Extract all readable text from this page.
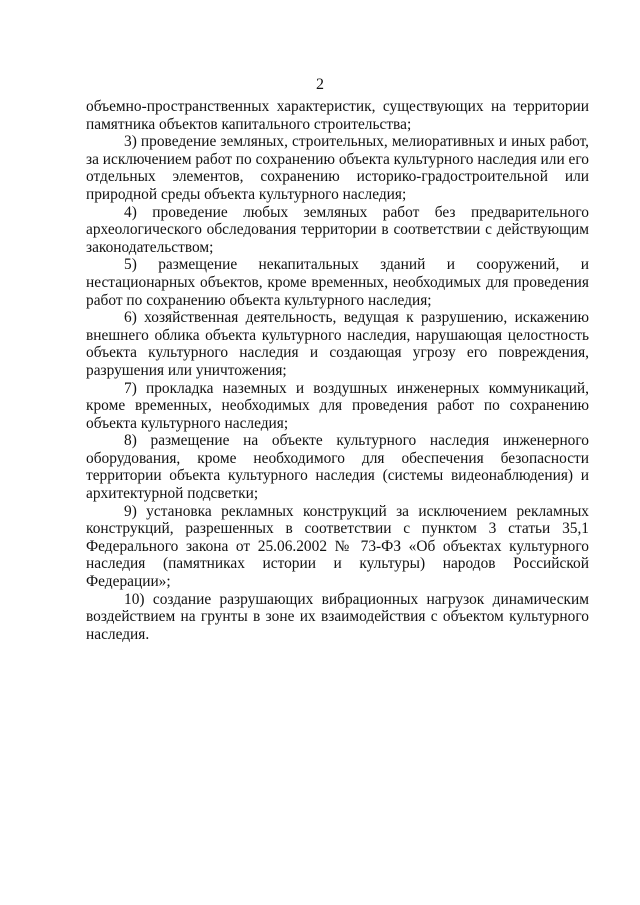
2

объемно-пространственных характеристик, существующих на территории памятника объектов капитального строительства;

3) проведение земляных, строительных, мелиоративных и иных работ, за исключением работ по сохранению объекта культурного наследия или его отдельных элементов, сохранению историко-градостроительной или природной среды объекта культурного наследия;

4) проведение любых земляных работ без предварительного археологического обследования территории в соответствии с действующим законодательством;

5) размещение некапитальных зданий и сооружений, и нестационарных объектов, кроме временных, необходимых для проведения работ по сохранению объекта культурного наследия;

6) хозяйственная деятельность, ведущая к разрушению, искажению внешнего облика объекта культурного наследия, нарушающая целостность объекта культурного наследия и создающая угрозу его повреждения, разрушения или уничтожения;

7) прокладка наземных и воздушных инженерных коммуникаций, кроме временных, необходимых для проведения работ по сохранению объекта культурного наследия;

8) размещение на объекте культурного наследия инженерного оборудования, кроме необходимого для обеспечения безопасности территории объекта культурного наследия (системы видеонаблюдения) и архитектурной подсветки;

9) установка рекламных конструкций за исключением рекламных конструкций, разрешенных в соответствии с пунктом 3 статьи 35,1 Федерального закона от 25.06.2002 № 73-ФЗ «Об объектах культурного наследия (памятниках истории и культуры) народов Российской Федерации»;

10) создание разрушающих вибрационных нагрузок динамическим воздействием на грунты в зоне их взаимодействия с объектом культурного наследия.
